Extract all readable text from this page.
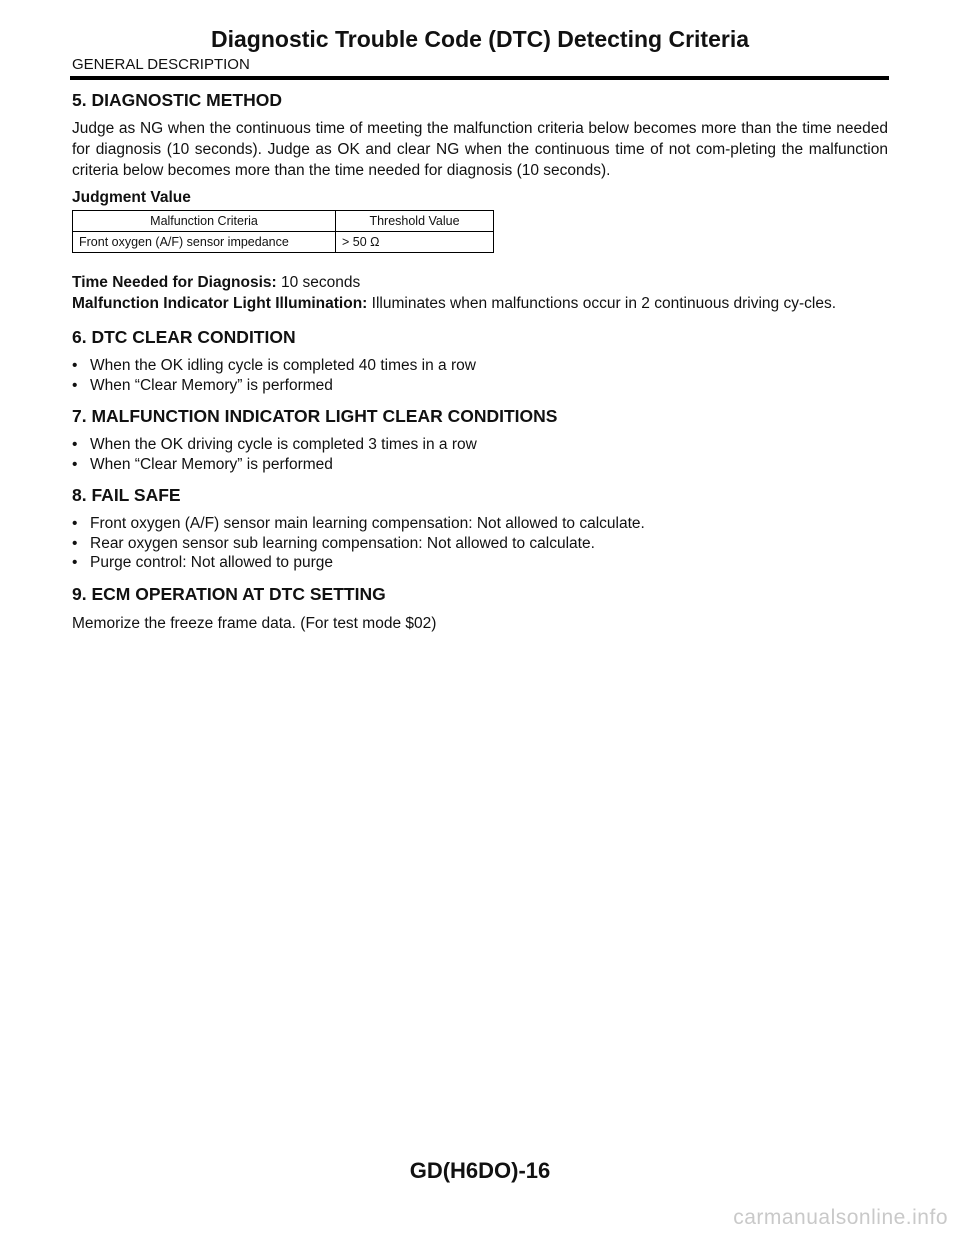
Diagnostic Trouble Code (DTC) Detecting Criteria
GENERAL DESCRIPTION
5. DIAGNOSTIC METHOD

Judge as NG when the continuous time of meeting the malfunction criteria below becomes more than the time needed for diagnosis (10 seconds). Judge as OK and clear NG when the continuous time of not com-pleting the malfunction criteria below becomes more than the time needed for diagnosis (10 seconds).

Judgment Value
Malfunction Criteria	Threshold Value
Front oxygen (A/F) sensor impedance	> 50 Ω

Time Needed for Diagnosis: 10 seconds

Malfunction Indicator Light Illumination: Illuminates when malfunctions occur in 2 continuous driving cy-cles.

6. DTC CLEAR CONDITION
• When the OK idling cycle is completed 40 times in a row
• When “Clear Memory” is performed
7. MALFUNCTION INDICATOR LIGHT CLEAR CONDITIONS
• When the OK driving cycle is completed 3 times in a row
• When “Clear Memory” is performed
8. FAIL SAFE
• Front oxygen (A/F) sensor main learning compensation: Not allowed to calculate.
• Rear oxygen sensor sub learning compensation: Not allowed to calculate.
• Purge control: Not allowed to purge
9. ECM OPERATION AT DTC SETTING

Memorize the freeze frame data. (For test mode $02)

GD(H6DO)-16
carmanualsonline.info
